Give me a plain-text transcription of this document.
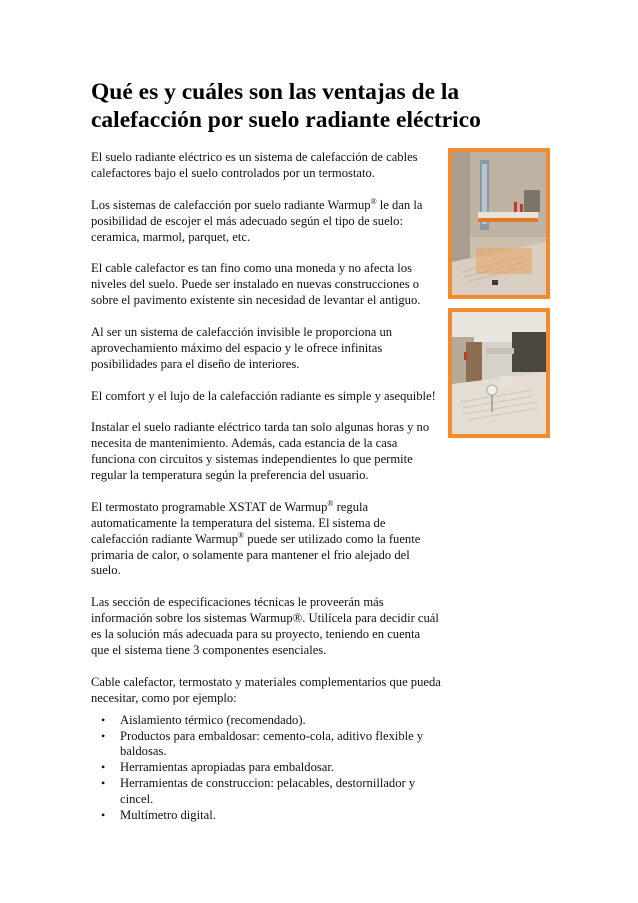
Qué es y cuáles son las ventajas de la calefacción por suelo radiante eléctrico

El suelo radiante eléctrico es un sistema de calefacción de cables calefactores bajo el suelo controlados por un termostato.

Los sistemas de calefacción por suelo radiante Warmup® le dan la posibilidad de escojer el más adecuado según el tipo de suelo: ceramica, marmol, parquet, etc.

El cable calefactor es tan fino como una moneda y no afecta los niveles del suelo. Puede ser instalado en nuevas construcciones o sobre el pavimento existente sin necesidad de levantar el antiguo.

Al ser un sistema de calefacción invisible le proporciona un aprovechamiento máximo del espacio y le ofrece infinitas posibilidades para el diseño de interiores.

El comfort y el lujo de la calefacción radiante es simple y asequible!

Instalar el suelo radiante eléctrico tarda tan solo algunas horas y no necesita de mantenimiento. Además, cada estancia de la casa funciona con circuitos y sistemas independientes lo que permite regular la temperatura según la preferencia del usuario.

El termostato programable XSTAT de Warmup® regula automaticamente la temperatura del sistema. El sistema de calefacción radiante Warmup® puede ser utilizado como la fuente primaria de calor, o solamente para mantener el frio alejado del suelo.

Las sección de especificaciones técnicas le proveerán más información sobre los sistemas Warmup®. Utilícela para decidir cuál es la solución más adecuada para su proyecto, teniendo en cuenta que el sistema tiene 3 componentes esenciales.

Cable calefactor, termostato y materiales complementarios que pueda necesitar, como por ejemplo:

• Aislamiento térmico (recomendado).
• Productos para embaldosar: cemento-cola, aditivo flexible y baldosas.
• Herramientas apropiadas para embaldosar.
• Herramientas de construccion: pelacables, destornillador y cincel.
• Multímetro digital.
